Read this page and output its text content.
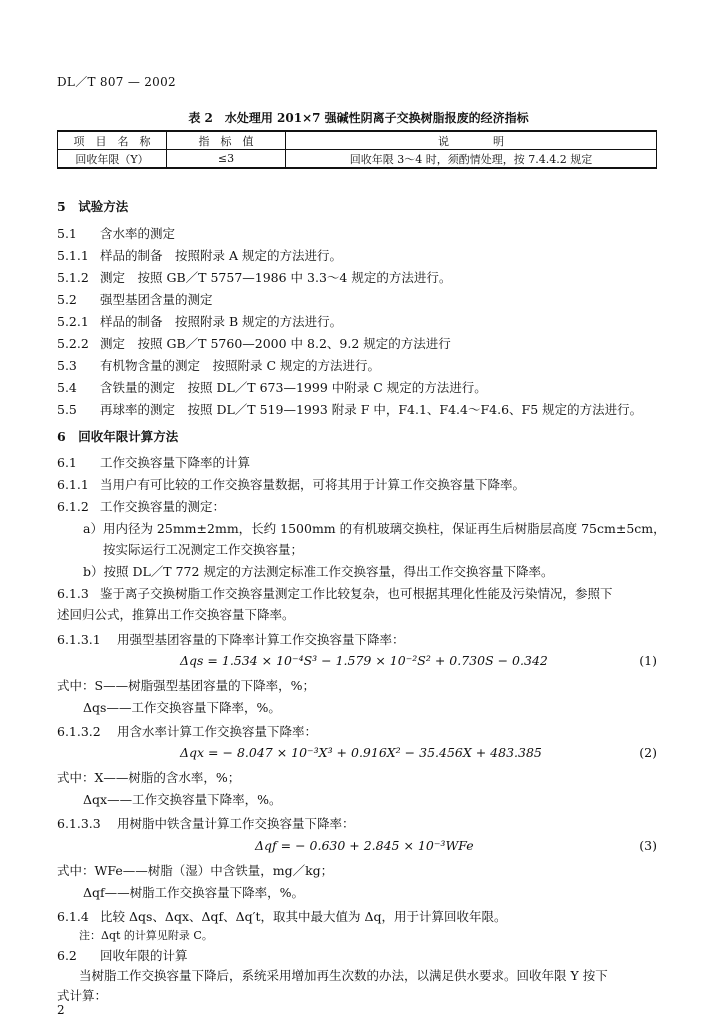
DL／T 807 — 2002
表 2　水处理用 201×7 强碱性阴离子交换树脂报废的经济指标
项　目　名　称	指　标　值	说　　　　明
回收年限（Y）	≤3	回收年限 3～4 时，须酌情处理，按 7.4.4.2 规定
5　试验方法
5.1 含水率的测定
5.1.1 样品的制备　按照附录 A 规定的方法进行。
5.1.2 测定　按照 GB／T 5757—1986 中 3.3～4 规定的方法进行。
5.2 强型基团含量的测定
5.2.1 样品的制备　按照附录 B 规定的方法进行。
5.2.2 测定　按照 GB／T 5760—2000 中 8.2、9.2 规定的方法进行
5.3 有机物含量的测定　按照附录 C 规定的方法进行。
5.4 含铁量的测定　按照 DL／T 673—1999 中附录 C 规定的方法进行。
5.5 再球率的测定　按照 DL／T 519—1993 附录 F 中，F4.1、F4.4～F4.6、F5 规定的方法进行。
6　回收年限计算方法
6.1 工作交换容量下降率的计算
6.1.1 当用户有可比较的工作交换容量数据，可将其用于计算工作交换容量下降率。
6.1.2 工作交换容量的测定：
a）用内径为 25mm±2mm，长约 1500mm 的有机玻璃交换柱，保证再生后树脂层高度 75cm±5cm，
按实际运行工况测定工作交换容量；
b）按照 DL／T 772 规定的方法测定标准工作交换容量，得出工作交换容量下降率。
6.1.3 鉴于离子交换树脂工作交换容量测定工作比较复杂，也可根据其理化性能及污染情况，参照下
述回归公式，推算出工作交换容量下降率。
6.1.3.1 用强型基团容量的下降率计算工作交换容量下降率：
Δqs = 1.534 × 10⁻⁴S³ − 1.579 × 10⁻²S² + 0.730S − 0.342	(1)
式中：S——树脂强型基团容量的下降率，%；
Δqs——工作交换容量下降率，%。
6.1.3.2 用含水率计算工作交换容量下降率：
Δqx = − 8.047 × 10⁻³X³ + 0.916X² − 35.456X + 483.385	(2)
式中：X——树脂的含水率，%；
Δqx——工作交换容量下降率，%。
6.1.3.3 用树脂中铁含量计算工作交换容量下降率：
Δqf = − 0.630 + 2.845 × 10⁻³WFe	(3)
式中：WFe——树脂（湿）中含铁量，mg／kg；
Δqf——树脂工作交换容量下降率，%。
6.1.4 比较 Δqs、Δqx、Δqf、Δq′t，取其中最大值为 Δq，用于计算回收年限。
注：Δqt 的计算见附录 C。
6.2 回收年限的计算
当树脂工作交换容量下降后，系统采用增加再生次数的办法，以满足供水要求。回收年限 Y 按下
式计算：
2
